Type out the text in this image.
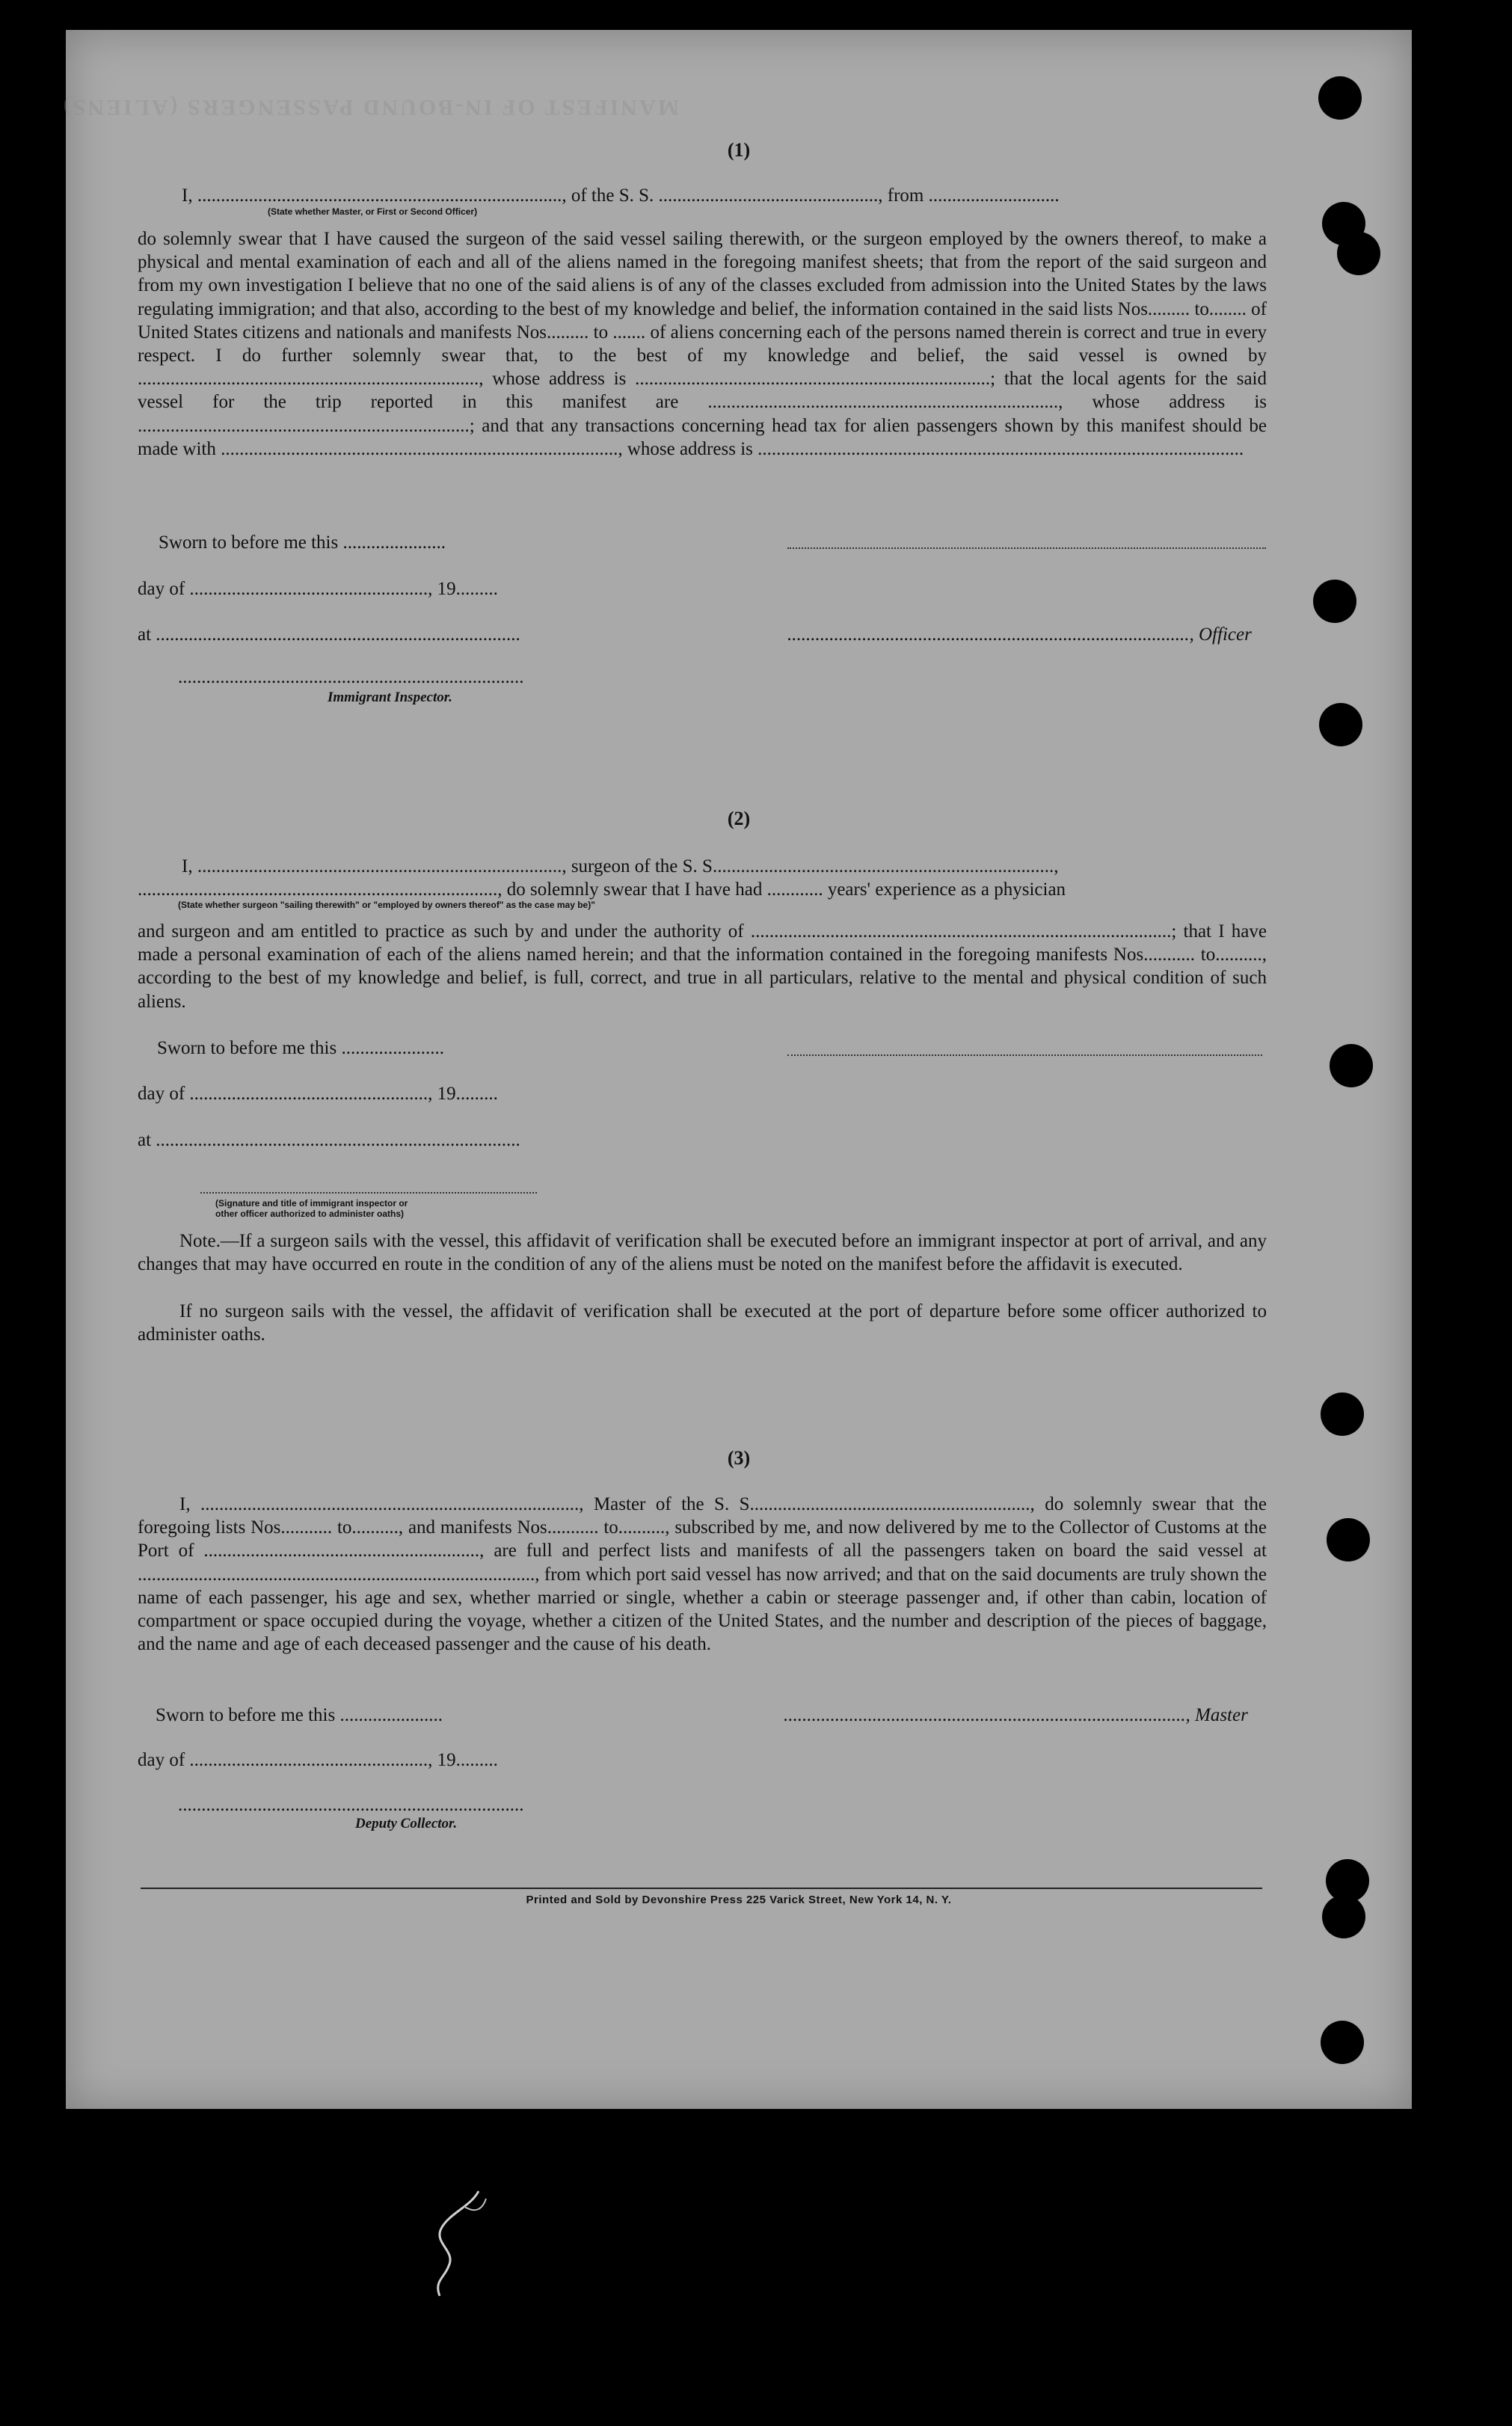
MANIFEST OF IN-BOUND PASSENGERS (ALIENS)
(1)
I, .............................................................................., of the S. S. ..............................................., from ............................
(State whether Master, or First or Second Officer)
do solemnly swear that I have caused the surgeon of the said vessel sailing therewith, or the surgeon employed by the owners thereof, to make a physical and mental examination of each and all of the aliens named in the foregoing manifest sheets; that from the report of the said surgeon and from my own investigation I believe that no one of the said aliens is of any of the classes excluded from admission into the United States by the laws regulating immigration; and that also, according to the best of my knowledge and belief, the information contained in the said lists Nos......... to........ of United States citizens and nationals and manifests Nos......... to ....... of aliens concerning each of the persons named therein is correct and true in every respect. I do further solemnly swear that, to the best of my knowledge and belief, the said vessel is owned by ........................................................................., whose address is ............................................................................; that the local agents for the said vessel for the trip reported in this manifest are ..........................................................................., whose address is .......................................................................; and that any transactions concerning head tax for alien passengers shown by this manifest should be made with ....................................................................................., whose address is ........................................................................................................
Sworn to before me this ......................
day of ..................................................., 19.........
at ..............................................................................	......................................................................................, Officer
..........................................................................
Immigrant Inspector.
(2)
I, .............................................................................., surgeon of the S. S.........................................................................,
............................................................................., do solemnly swear that I have had ............ years' experience as a physician
(State whether surgeon "sailing therewith" or "employed by owners thereof" as the case may be)"
and surgeon and am entitled to practice as such by and under the authority of ..........................................................................................; that I have made a personal examination of each of the aliens named herein; and that the information contained in the foregoing manifests Nos........... to.........., according to the best of my knowledge and belief, is full, correct, and true in all particulars, relative to the mental and physical condition of such aliens.
Sworn to before me this ......................
day of ..................................................., 19.........
at ..............................................................................
(Signature and title of immigrant inspector or
other officer authorized to administer oaths)
Note.—If a surgeon sails with the vessel, this affidavit of verification shall be executed before an immigrant inspector at port of arrival, and any changes that may have occurred en route in the condition of any of the aliens must be noted on the manifest before the affidavit is executed.
If no surgeon sails with the vessel, the affidavit of verification shall be executed at the port of departure before some officer authorized to administer oaths.
(3)
I, ................................................................................., Master of the S. S............................................................, do solemnly swear that the foregoing lists Nos........... to.........., and manifests Nos........... to.........., subscribed by me, and now delivered by me to the Collector of Customs at the Port of ..........................................................., are full and perfect lists and manifests of all the passengers taken on board the said vessel at ....................................................................................., from which port said vessel has now arrived; and that on the said documents are truly shown the name of each passenger, his age and sex, whether married or single, whether a cabin or steerage passenger and, if other than cabin, location of compartment or space occupied during the voyage, whether a citizen of the United States, and the number and description of the pieces of baggage, and the name and age of each deceased passenger and the cause of his death.
Sworn to before me this ......................	......................................................................................, Master
day of ..................................................., 19.........
..........................................................................
Deputy Collector.
Printed and Sold by Devonshire Press 225 Varick Street, New York 14, N. Y.
